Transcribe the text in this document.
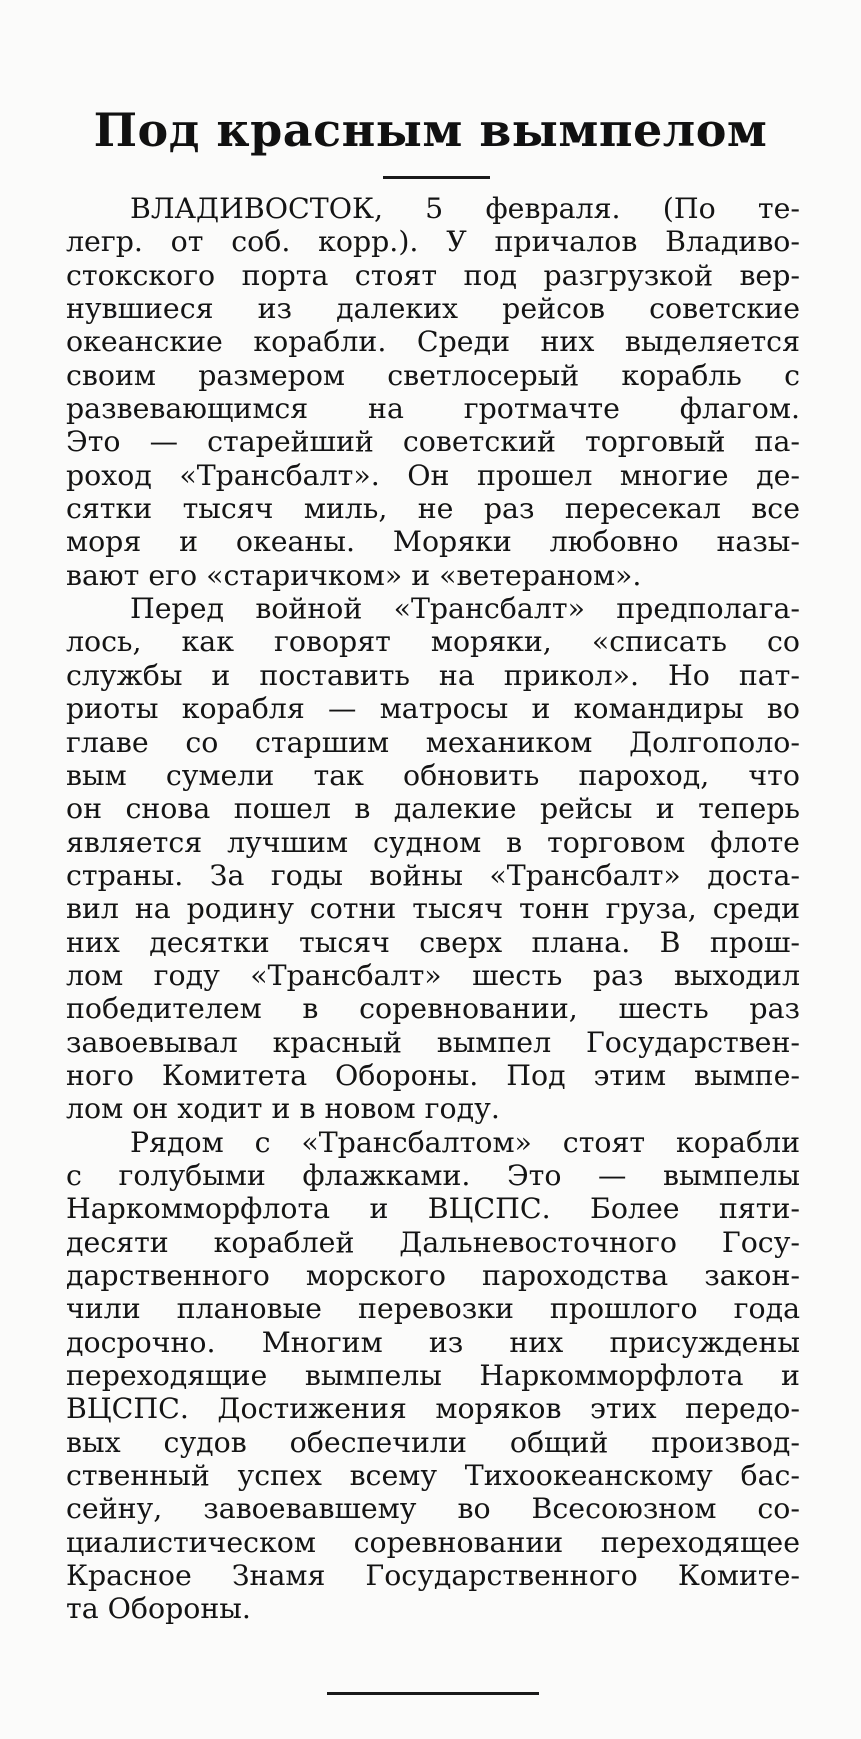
Под красным вымпелом
ВЛАДИВОСТОК, 5 февраля. (По те-
легр. от соб. корр.). У причалов Владиво-
стокского порта стоят под разгрузкой вер-
нувшиеся из далеких рейсов советские
океанские корабли. Среди них выделяется
своим размером светлосерый корабль с
развевающимся на гротмачте флагом.
Это — старейший советский торговый па-
роход «Трансбалт». Он прошел многие де-
сятки тысяч миль, не раз пересекал все
моря и океаны. Моряки любовно назы-
вают его «старичком» и «ветераном».
Перед войной «Трансбалт» предполага-
лось, как говорят моряки, «списать со
службы и поставить на прикол». Но пат-
риоты корабля — матросы и командиры во
главе со старшим механиком Долгополо-
вым сумели так обновить пароход, что
он снова пошел в далекие рейсы и теперь
является лучшим судном в торговом флоте
страны. За годы войны «Трансбалт» доста-
вил на родину сотни тысяч тонн груза, среди
них десятки тысяч сверх плана. В прош-
лом году «Трансбалт» шесть раз выходил
победителем в соревновании, шесть раз
завоевывал красный вымпел Государствен-
ного Комитета Обороны. Под этим вымпе-
лом он ходит и в новом году.
Рядом с «Трансбалтом» стоят корабли
с голубыми флажками. Это — вымпелы
Наркомморфлота и ВЦСПС. Более пяти-
десяти кораблей Дальневосточного Госу-
дарственного морского пароходства закон-
чили плановые перевозки прошлого года
досрочно. Многим из них присуждены
переходящие вымпелы Наркомморфлота и
ВЦСПС. Достижения моряков этих передо-
вых судов обеспечили общий производ-
ственный успех всему Тихоокеанскому бас-
сейну, завоевавшему во Всесоюзном со-
циалистическом соревновании переходящее
Красное Знамя Государственного Комите-
та Обороны.
